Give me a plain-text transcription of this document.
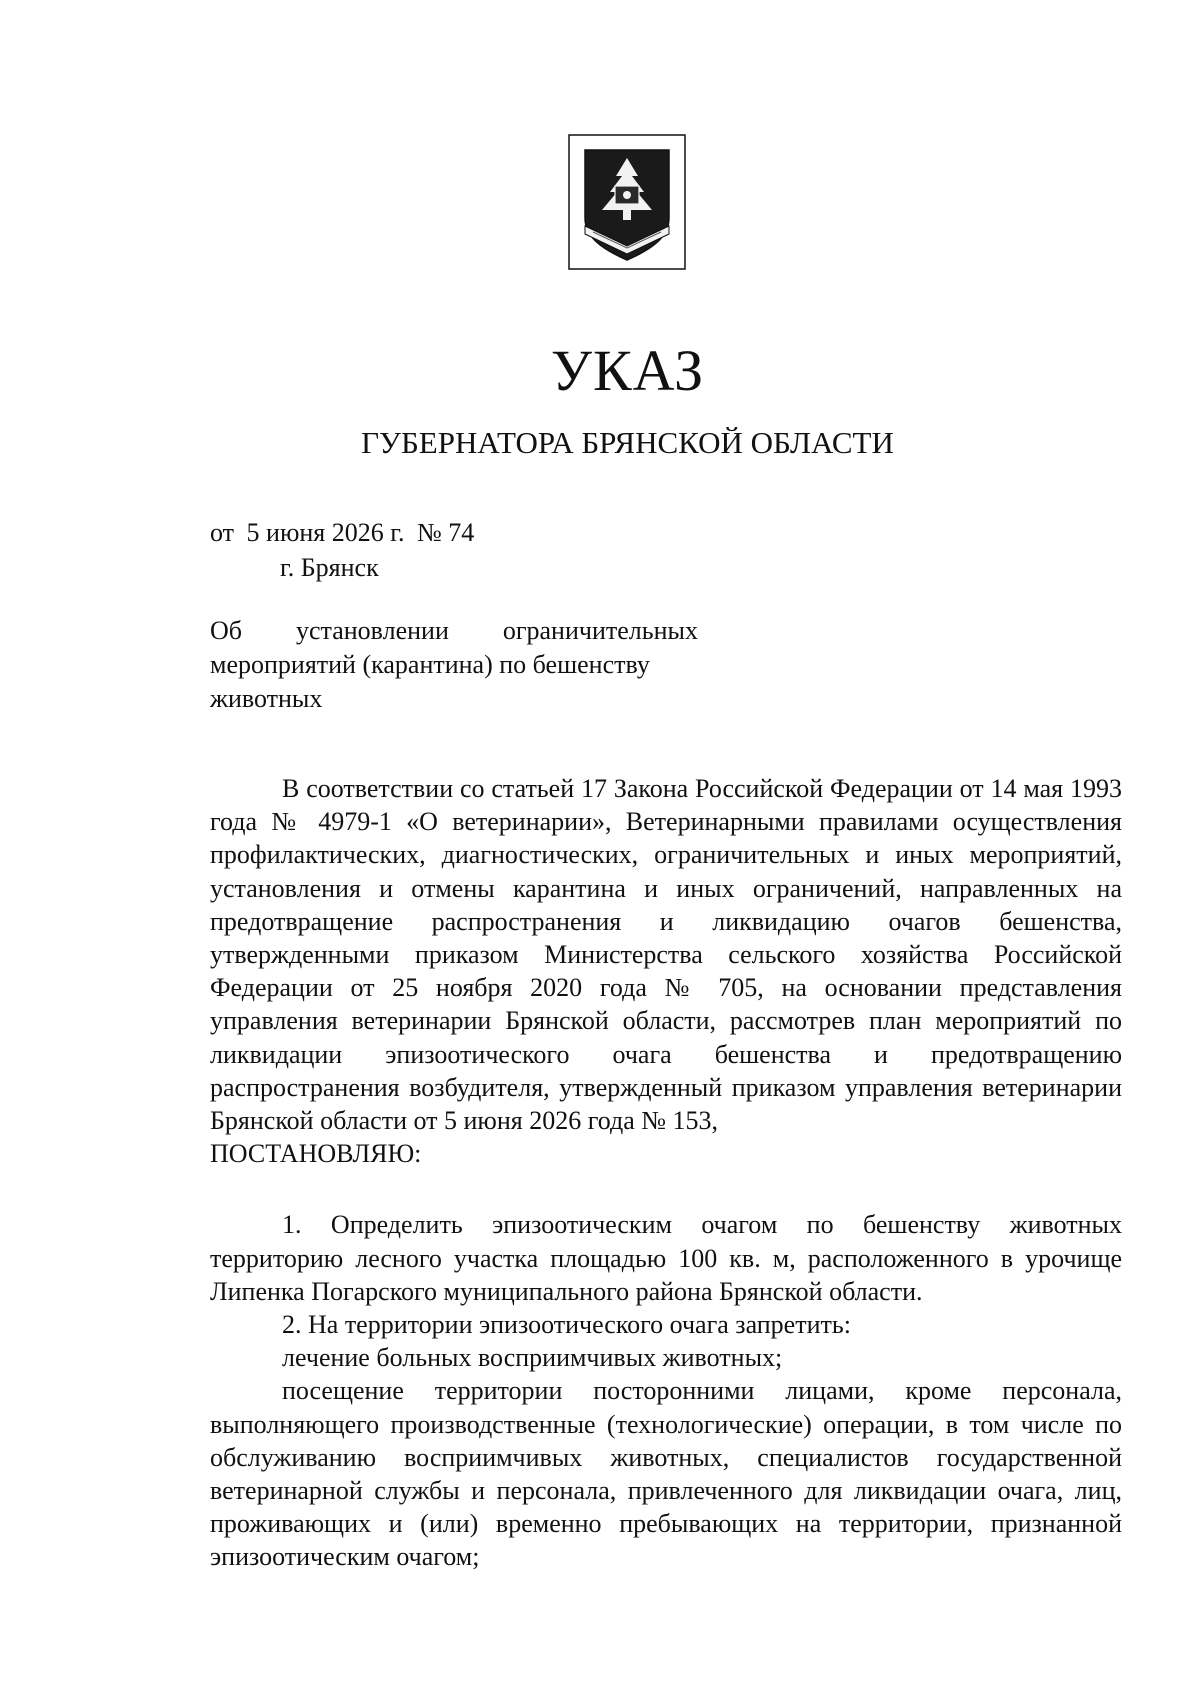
УКАЗ
ГУБЕРНАТОРА БРЯНСКОЙ ОБЛАСТИ
от 5 июня 2026 г. № 74
г. Брянск
Об установлении ограничительных
мероприятий (карантина) по бешенству
животных

В соответствии со статьей 17 Закона Российской Федерации от 14 мая 1993 года № 4979-1 «О ветеринарии», Ветеринарными правилами осуществления профилактических, диагностических, ограничительных и иных мероприятий, установления и отмены карантина и иных ограничений, направленных на предотвращение распространения и ликвидацию очагов бешенства, утвержденными приказом Министерства сельского хозяйства Российской Федерации от 25 ноября 2020 года № 705, на основании представления управления ветеринарии Брянской области, рассмотрев план мероприятий по ликвидации эпизоотического очага бешенства и предотвращению распространения возбудителя, утвержденный приказом управления ветеринарии Брянской области от 5 июня 2026 года № 153,

ПОСТАНОВЛЯЮ:

1. Определить эпизоотическим очагом по бешенству животных территорию лесного участка площадью 100 кв. м, расположенного в урочище Липенка Погарского муниципального района Брянской области.

2. На территории эпизоотического очага запретить:

лечение больных восприимчивых животных;

посещение территории посторонними лицами, кроме персонала, выполняющего производственные (технологические) операции, в том числе по обслуживанию восприимчивых животных, специалистов государственной ветеринарной службы и персонала, привлеченного для ликвидации очага, лиц, проживающих и (или) временно пребывающих на территории, признанной эпизоотическим очагом;
